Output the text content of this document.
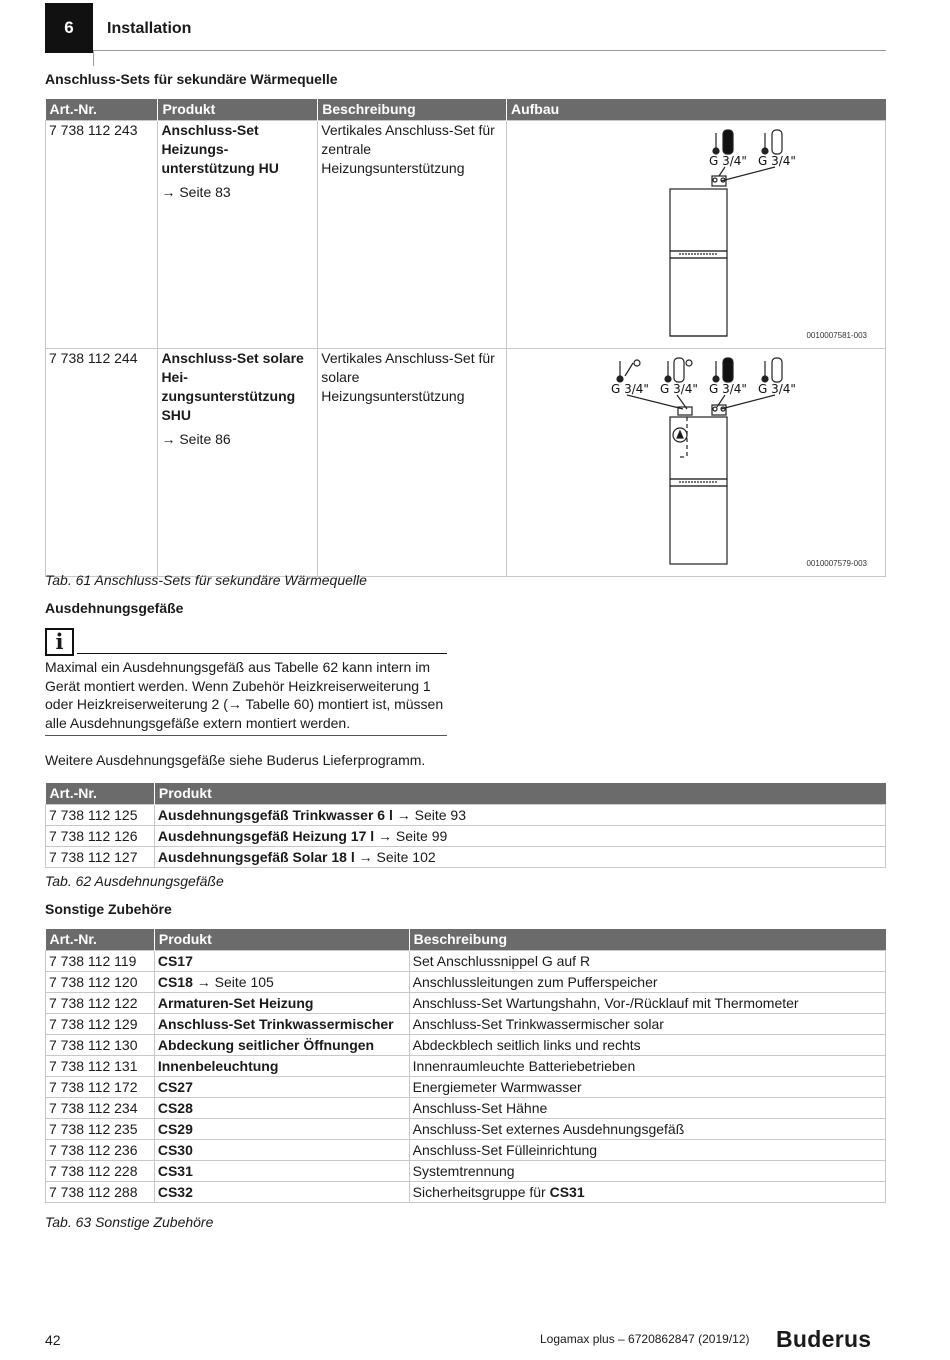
6	Installation
Anschluss-Sets für sekundäre Wärmequelle
Art.-Nr.	Produkt	Beschreibung	Aufbau
7 738 112 243	Anschluss-Set Heizungs-unterstützung HU
→ Seite 83	Vertikales Anschluss-Set für zentrale Heizungsunterstützung	G 3/4" G 3/4"
0010007581-003

7 738 112 244	Anschluss-Set solare Hei-zungsunterstützung SHU
→ Seite 86	Vertikales Anschluss-Set für solare Heizungsunterstützung	G 3/4" G 3/4" G 3/4" G 3/4"
0010007579-003
Tab. 61 Anschluss-Sets für sekundäre Wärmequelle
Ausdehnungsgefäße
i
Maximal ein Ausdehnungsgefäß aus Tabelle 62 kann intern im Gerät montiert werden. Wenn Zubehör Heizkreiserweiterung 1 oder Heizkreiserweiterung 2 (→ Tabelle 60) montiert ist, müssen alle Ausdehnungsgefäße extern montiert werden.
Weitere Ausdehnungsgefäße siehe Buderus Lieferprogramm.
Art.-Nr.	Produkt
7 738 112 125	Ausdehnungsgefäß Trinkwasser 6 l → Seite 93
7 738 112 126	Ausdehnungsgefäß Heizung 17 l → Seite 99
7 738 112 127	Ausdehnungsgefäß Solar 18 l → Seite 102
Tab. 62 Ausdehnungsgefäße
Sonstige Zubehöre
Art.-Nr.	Produkt	Beschreibung
7 738 112 119	CS17	Set Anschlussnippel G auf R
7 738 112 120	CS18 → Seite 105	Anschlussleitungen zum Pufferspeicher
7 738 112 122	Armaturen-Set Heizung	Anschluss-Set Wartungshahn, Vor-/Rücklauf mit Thermometer
7 738 112 129	Anschluss-Set Trinkwassermischer	Anschluss-Set Trinkwassermischer solar
7 738 112 130	Abdeckung seitlicher Öffnungen	Abdeckblech seitlich links und rechts
7 738 112 131	Innenbeleuchtung	Innenraumleuchte Batteriebetrieben
7 738 112 172	CS27	Energiemeter Warmwasser
7 738 112 234	CS28	Anschluss-Set Hähne
7 738 112 235	CS29	Anschluss-Set externes Ausdehnungsgefäß
7 738 112 236	CS30	Anschluss-Set Fülleinrichtung
7 738 112 228	CS31	Systemtrennung
7 738 112 288	CS32	Sicherheitsgruppe für CS31
Tab. 63 Sonstige Zubehöre
42	Logamax plus – 6720862847 (2019/12) Buderus
